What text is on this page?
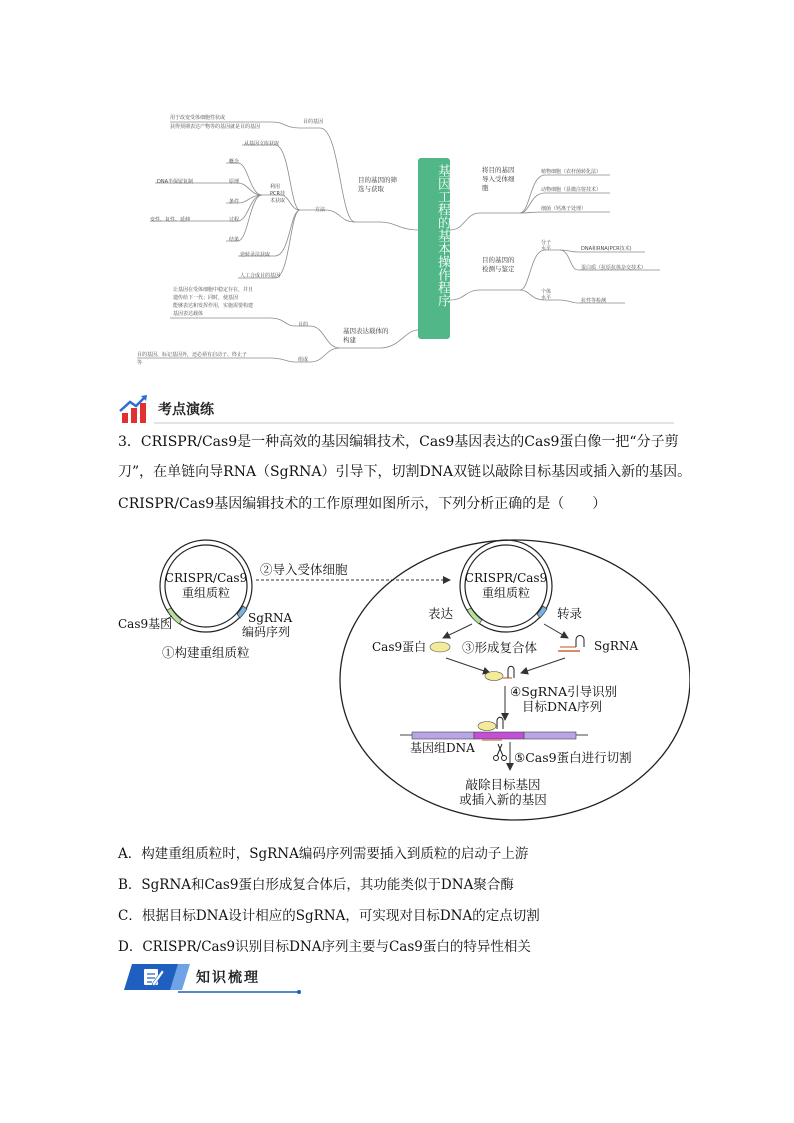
基因工程的基本操作程序
目的基因的筛选与获取
目的基因
用于改变受体细胞性状或
获得预期表达产物等的基因就是目的基因
方法
从基因文库获取
利用PCR技术获取
概念
原理
DNA半保留复制
条件
过程
变性、复性、延伸
结果
逆转录法获取
人工合成目的基因
基因表达载体的构建
目的
让基因在受体细胞中稳定存在，并且
遗传给下一代；同时，使基因
能够表达和发挥作用，实施需要构建
基因表达载体
组成
目的基因、标记基因外，还必须有启动子、终止子
等
将目的基因导入受体细胞
植物细胞（农杆菌转化法）
动物细胞（显微注射技术）
细菌（钙离子处理）
目的基因的检测与鉴定
分子水平	DNA和RNA(PCR技术)
蛋白质（抗原抗体杂交技术）
个体水平	抗性等检测
考点演练
3．CRISPR/Cas9是一种高效的基因编辑技术，Cas9基因表达的Cas9蛋白像一把“分子剪
刀”，在单链向导RNA（SgRNA）引导下，切割DNA双链以敲除目标基因或插入新的基因。
CRISPR/Cas9基因编辑技术的工作原理如图所示，下列分析正确的是（　　）
CRISPR/Cas9
重组质粒
Cas9基因	SgRNA
编码序列
①构建重组质粒
②导入受体细胞
CRISPR/Cas9
重组质粒
表达	转录
Cas9蛋白	SgRNA
③形成复合体
④SgRNA引导识别
目标DNA序列
基因组DNA
⑤Cas9蛋白进行切割
敲除目标基因
或插入新的基因
A．构建重组质粒时，SgRNA编码序列需要插入到质粒的启动子上游
B．SgRNA和Cas9蛋白形成复合体后，其功能类似于DNA聚合酶
C．根据目标DNA设计相应的SgRNA，可实现对目标DNA的定点切割
D．CRISPR/Cas9识别目标DNA序列主要与Cas9蛋白的特异性相关
知识梳理
